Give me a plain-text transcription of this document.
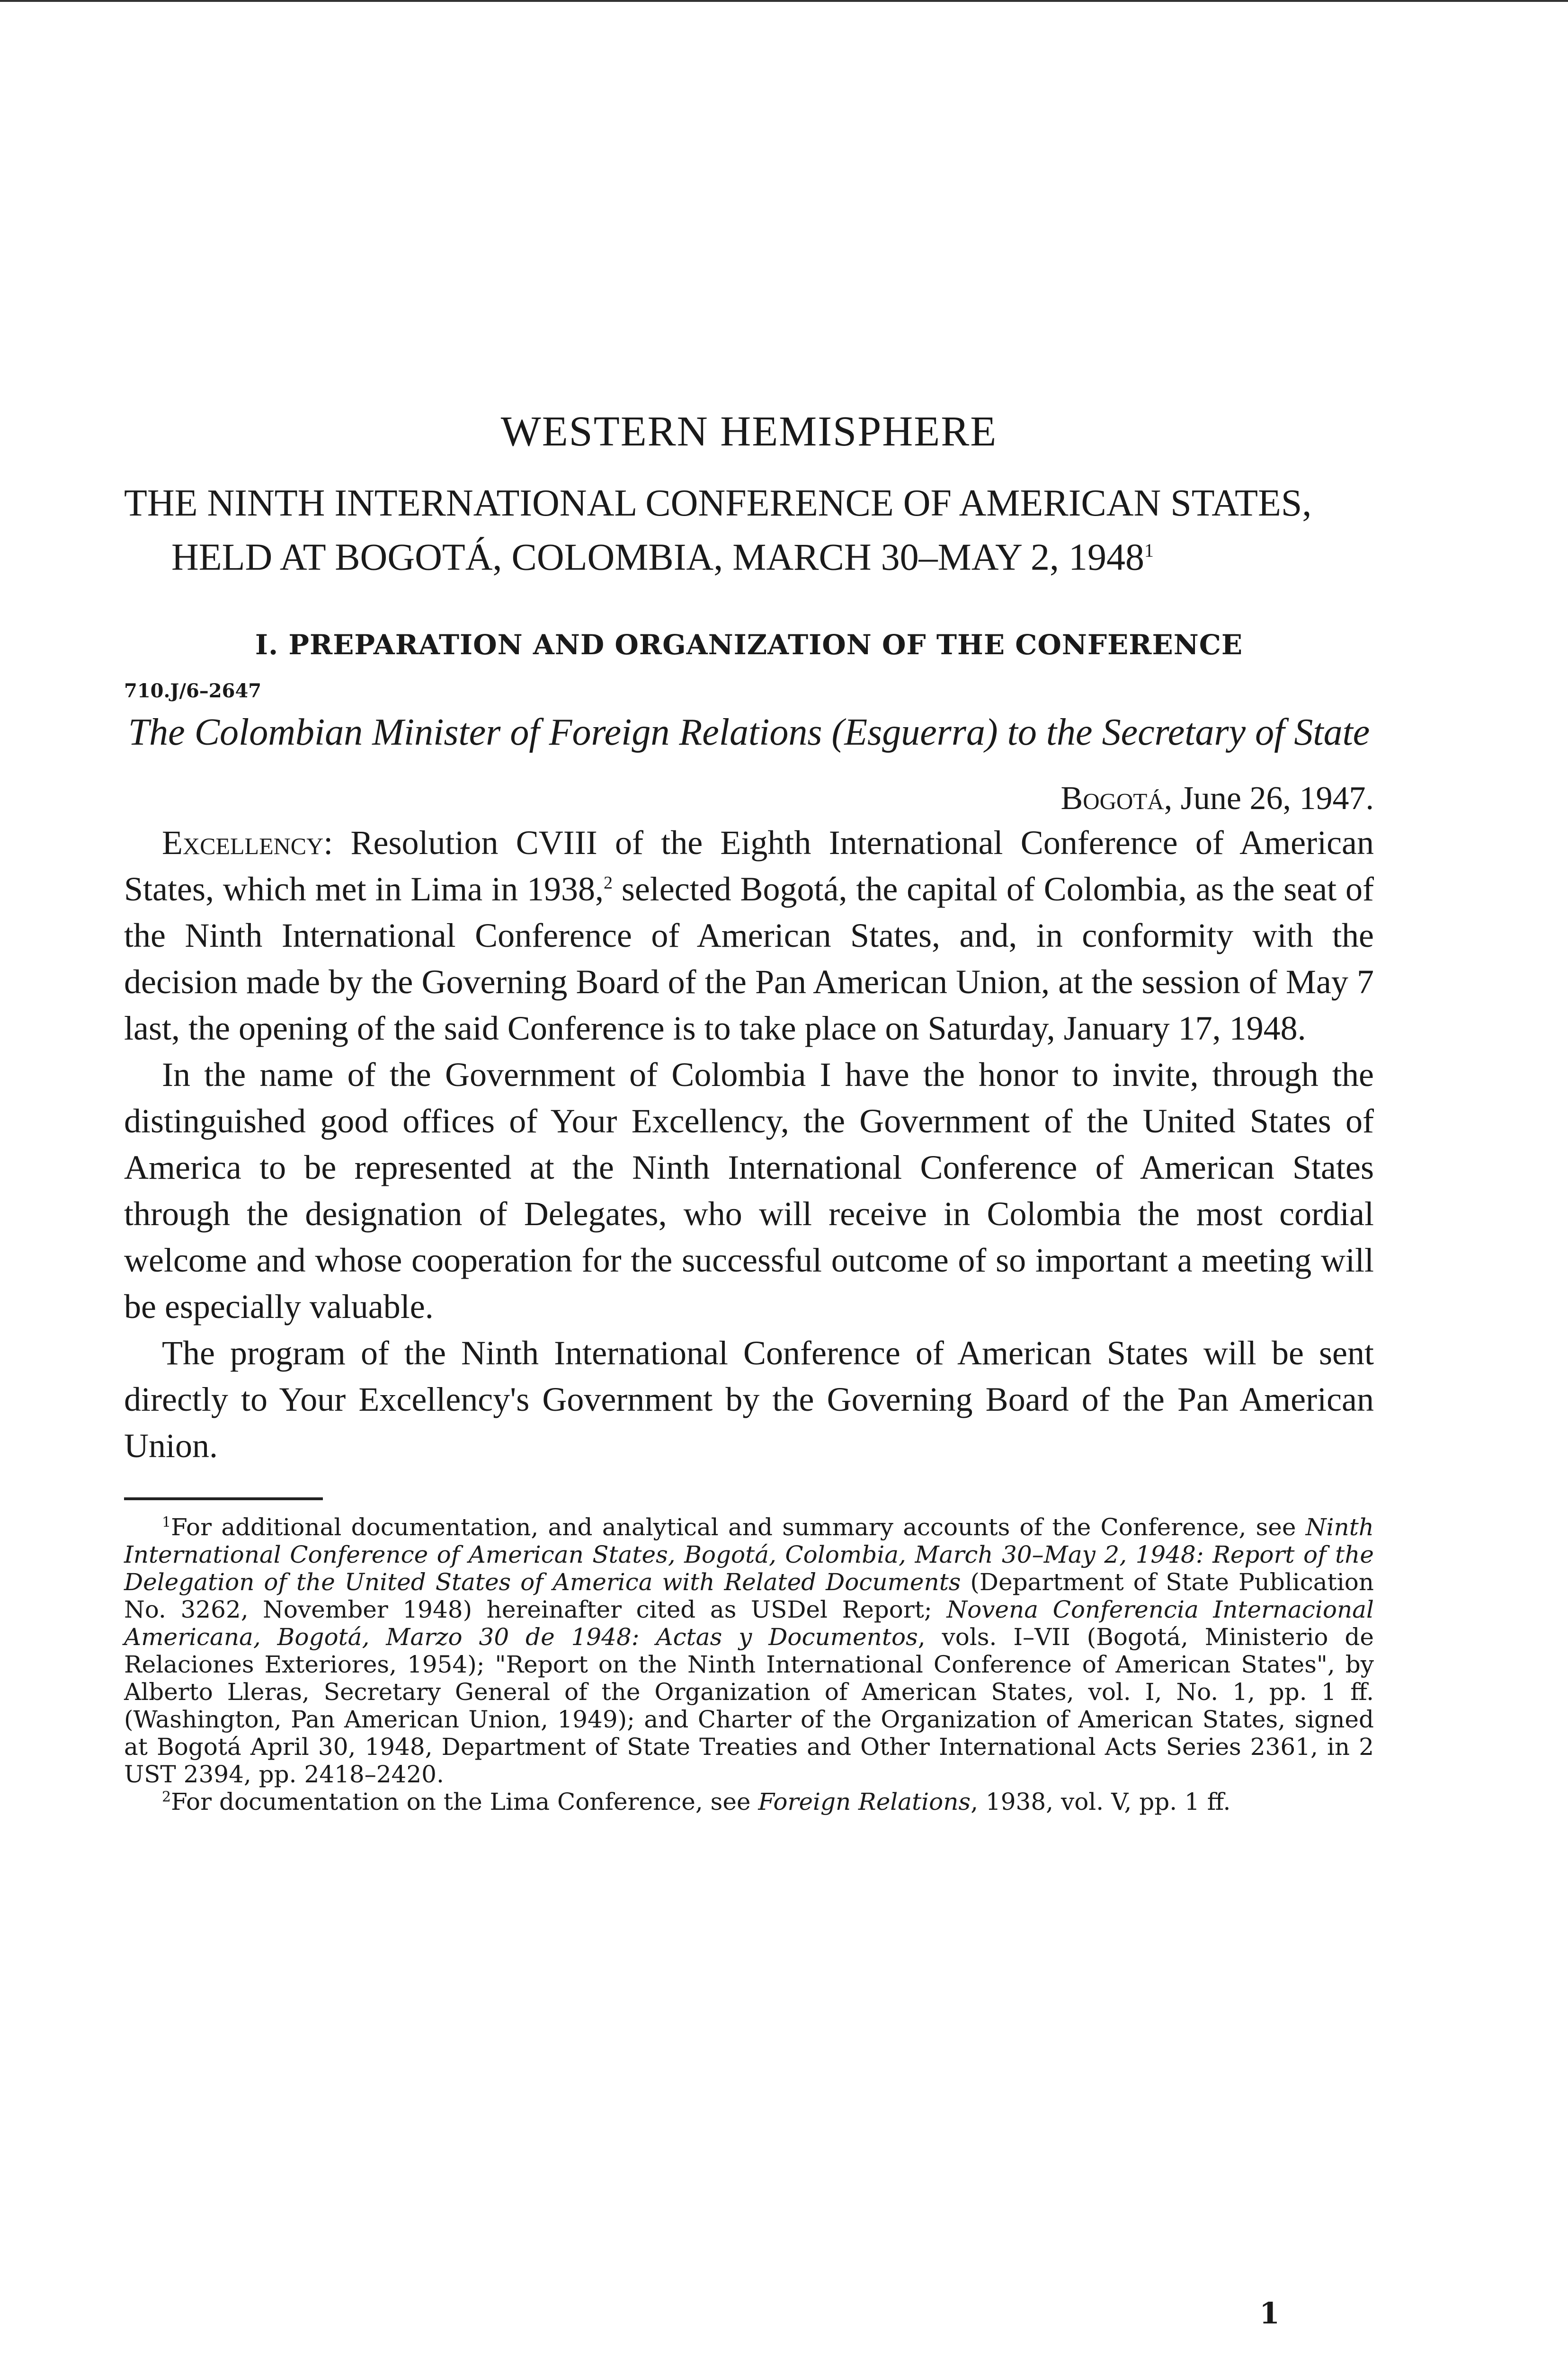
WESTERN HEMISPHERE
THE NINTH INTERNATIONAL CONFERENCE OF AMERICAN STATES, HELD AT BOGOTÁ, COLOMBIA, MARCH 30–MAY 2, 1948$^1$
I. PREPARATION AND ORGANIZATION OF THE CONFERENCE
710.J/6–2647
The Colombian Minister of Foreign Relations (Esguerra) to the Secretary of State
Bogotá, June 26, 1947.

Excellency: Resolution CVIII of the Eighth International Conference of American States, which met in Lima in 1938,$^2$ selected Bogotá, the capital of Colombia, as the seat of the Ninth International Conference of American States, and, in conformity with the decision made by the Governing Board of the Pan American Union, at the session of May 7 last, the opening of the said Conference is to take place on Saturday, January 17, 1948.

In the name of the Government of Colombia I have the honor to invite, through the distinguished good offices of Your Excellency, the Government of the United States of America to be represented at the Ninth International Conference of American States through the designation of Delegates, who will receive in Colombia the most cordial welcome and whose cooperation for the successful outcome of so important a meeting will be especially valuable.

The program of the Ninth International Conference of American States will be sent directly to Your Excellency's Government by the Governing Board of the Pan American Union.

$^1$For additional documentation, and analytical and summary accounts of the Conference, see Ninth International Conference of American States, Bogotá, Colombia, March 30–May 2, 1948: Report of the Delegation of the United States of America with Related Documents (Department of State Publication No. 3262, November 1948) hereinafter cited as USDel Report; Novena Conferencia Internacional Americana, Bogotá, Marzo 30 de 1948: Actas y Documentos, vols. I–VII (Bogotá, Ministerio de Relaciones Exteriores, 1954); "Report on the Ninth International Conference of American States", by Alberto Lleras, Secretary General of the Organization of American States, vol. I, No. 1, pp. 1 ff. (Washington, Pan American Union, 1949); and Charter of the Organization of American States, signed at Bogotá April 30, 1948, Department of State Treaties and Other International Acts Series 2361, in 2 UST 2394, pp. 2418–2420.

$^2$For documentation on the Lima Conference, see Foreign Relations, 1938, vol. V, pp. 1 ff.

1
